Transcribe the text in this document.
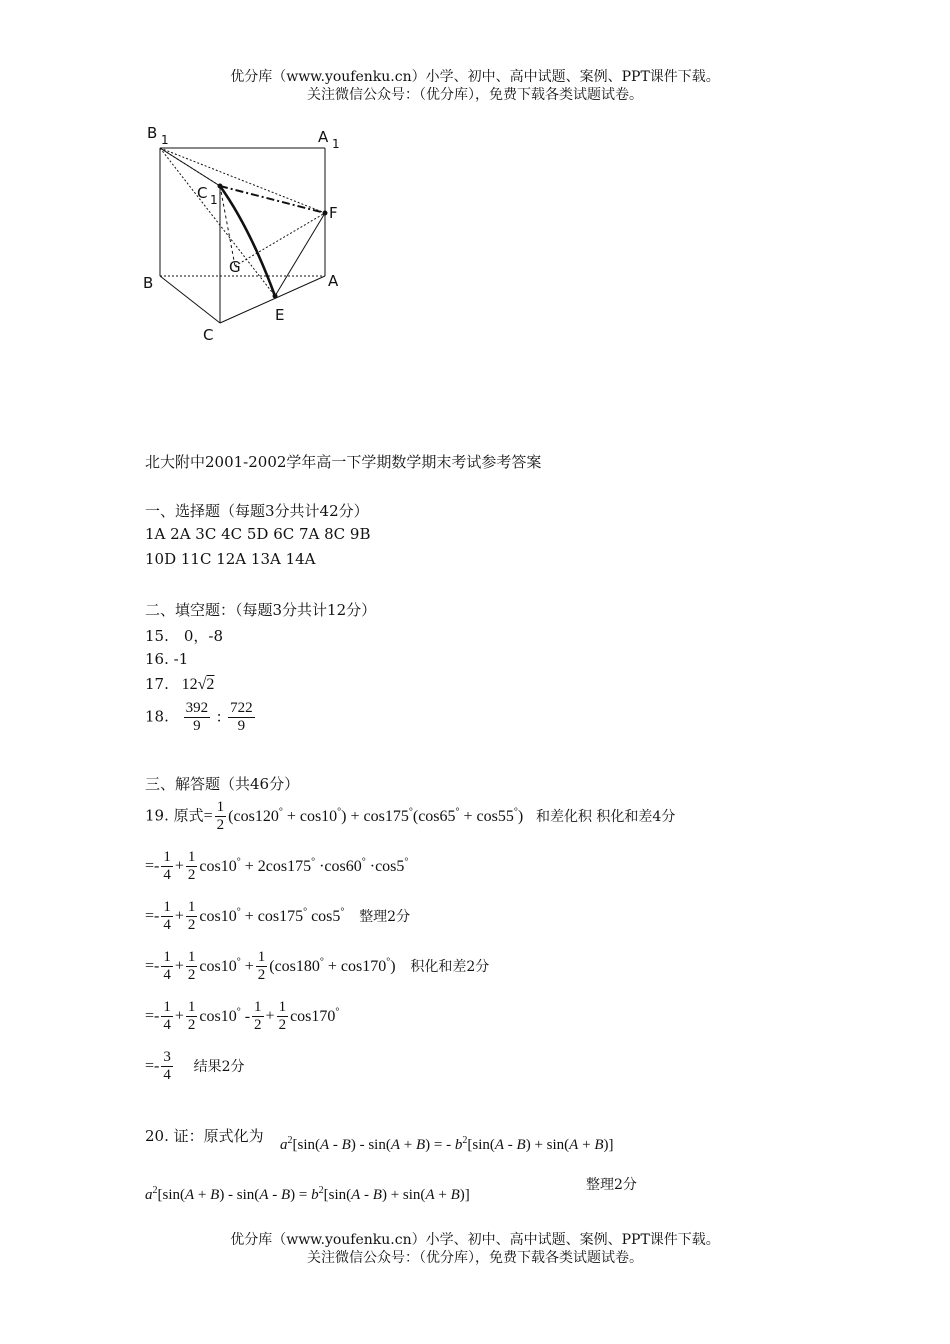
优分库（www.youfenku.cn）小学、初中、高中试题、案例、PPT课件下载。
关注微信公众号：（优分库），免费下载各类试题试卷。
B 1	A 1
C 1
F
G
B	A
C
E
北大附中2001-2002学年高一下学期数学期末考试参考答案
一、选择题（每题3分共计42分）
1A 2A 3C 4C 5D 6C 7A 8C 9B
10D 11C 12A 13A 14A
二、填空题：（每题3分共计12分）
15.　0，-8
16. -1
17. 12√2
18. $\frac{392}{9}$ : $\frac{722}{9}$
三、解答题（共46分）
19. 原式= $\frac{1}{2} (\cos 120^\circ + \cos 10^\circ) + \cos 175^\circ(\cos 65^\circ + \cos 55^\circ)$ 和差化积 积化和差4分
=- $\frac{1}{4} + \frac{1}{2} \cos 10^\circ + 2\cos 175^\circ \cdot\cos 60^\circ \cdot\cos 5^\circ$
=- $\frac{1}{4} + \frac{1}{2} \cos 10^\circ + \cos 175^\circ$ cos5° 整理2分
=- $\frac{1}{4} + \frac{1}{2} \cos 10^\circ + \frac{1}{2} (\cos 180^\circ + \cos 170^\circ)$ 积化和差2分
=- $\frac{1}{4} + \frac{1}{2} \cos 10^\circ - \frac{1}{2} + \frac{1}{2} \cos 170^\circ$
=- $\frac{3}{4}$ 结果2分
20. 证：原式化为 $a^2[\sin(A - B) - \sin(A + B)$ = - $b^2[\sin(A - B) + \sin(A + B)]$
$a^2[\sin(A + B) - \sin(A - B) = b^2[\sin(A - B) + \sin(A + B)]$
整理2分
优分库（www.youfenku.cn）小学、初中、高中试题、案例、PPT课件下载。
关注微信公众号：（优分库），免费下载各类试题试卷。
